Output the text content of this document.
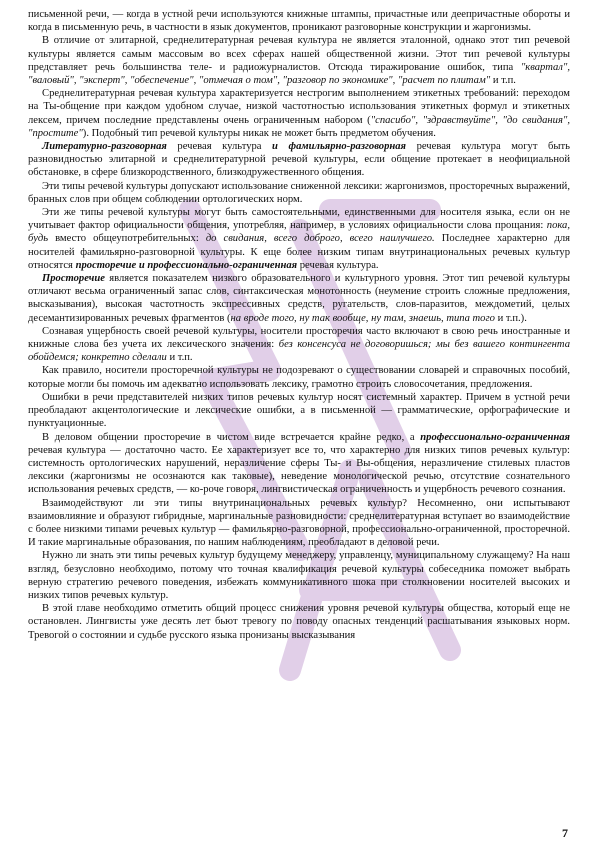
письменной речи, — когда в устной речи используются книжные штампы, причастные или деепричастные обороты и когда в письменную речь, в частности в язык документов, проникают разговорные конструкции и жаргонизмы.

В отличие от элитарной, среднелитературная речевая культура не является эталонной, однако этот тип речевой культуры является самым массовым во всех сферах нашей общественной жизни. Этот тип речевой культуры представляет речь большинства теле- и радиожурналистов. Отсюда тиражирование ошибок, типа "квартал", "валовый", "эксперт", "обеспечение", "отмечая о том", "разговор по экономике", "расчет по плитам" и т.п.

Среднелитературная речевая культура характеризуется нестрогим выполнением этикетных требований: переходом на Ты-общение при каждом удобном случае, низкой частотностью использования этикетных формул и этикетных лексем, причем последние представлены очень ограниченным набором ("спасибо", "здравствуйте", "до свидания", "простите"). Подобный тип речевой культуры никак не может быть предметом обучения.

Литературно-разговорная речевая культура и фамильярно-разговорная речевая культура могут быть разновидностью элитарной и среднелитературной речевой культуры, если общение протекает в неофициальной обстановке, в сфере близкородственного, близкодружественного общения.

Эти типы речевой культуры допускают использование сниженной лексики: жаргонизмов, просторечных выражений, бранных слов при общем соблюдении ортологических норм.

Эти же типы речевой культуры могут быть самостоятельными, единственными для носителя языка, если он не учитывает фактор официальности общения, употребляя, например, в условиях официальности слова прощания: пока, будь вместо общеупотребительных: до свидания, всего доброго, всего наилучшего. Последнее характерно для носителей фамильярно-разговорной культуры. К еще более низким типам внутринациональных речевых культур относятся просторечие и профессионально-ограниченная речевая культура.

Просторечие является показателем низкого образовательного и культурного уровня. Этот тип речевой культуры отличают весьма ограниченный запас слов, синтаксическая монотонность (неумение строить сложные предложения, высказывания), высокая частотность экспрессивных средств, ругательств, слов-паразитов, междометий, целых десемантизированных речевых фрагментов (на вроде того, ну так вообще, ну там, знаешь, типа того и т.п.).

Сознавая ущербность своей речевой культуры, носители просторечия часто включают в свою речь иностранные и книжные слова без учета их лексического значения: без консенсуса не договоришься; мы без вашего контингента обойдемся; конкретно сделали и т.п.

Как правило, носители просторечной культуры не подозревают о существовании словарей и справочных пособий, которые могли бы помочь им адекватно использовать лексику, грамотно строить словосочетания, предложения.

Ошибки в речи представителей низких типов речевых культур носят системный характер. Причем в устной речи преобладают акцентологические и лексические ошибки, а в письменной — грамматические, орфографические и пунктуационные.

В деловом общении просторечие в чистом виде встречается крайне редко, а профессионально-ограниченная речевая культура — достаточно часто. Ее характеризует все то, что характерно для низких типов речевых культур: системность ортологических нарушений, неразличение сферы Ты- и Вы-общения, неразличение стилевых пластов лексики (жаргонизмы не осознаются как таковые), неведение монологической речью, отсутствие сознательного использования речевых средств, — ко-роче говоря, лингвистическая ограниченность и ущербность речевого сознания.

Взаимодействуют ли эти типы внутринациональных речевых культур? Несомненно, они испытывают взаимовлияние и образуют гибридные, маргинальные разновидности: среднелитературная вступает во взаимодействие с более низкими типами речевых культур — фамильярно-разговорной, профессионально-ограниченной, просторечной. И такие маргинальные образования, по нашим наблюдениям, преобладают в деловой речи.

Нужно ли знать эти типы речевых культур будущему менеджеру, управленцу, муниципальному служащему? На наш взгляд, безусловно необходимо, потому что точная квалификация речевой культуры собеседника поможет выбрать верную стратегию речевого поведения, избежать коммуникативного шока при столкновении носителей высоких и низких типов речевых культур.

В этой главе необходимо отметить общий процесс снижения уровня речевой культуры общества, который еще не остановлен. Лингвисты уже десять лет бьют тревогу по поводу опасных тенденций расшатывания языковых норм. Тревогой о состоянии и судьбе русского языка пронизаны высказывания

7
